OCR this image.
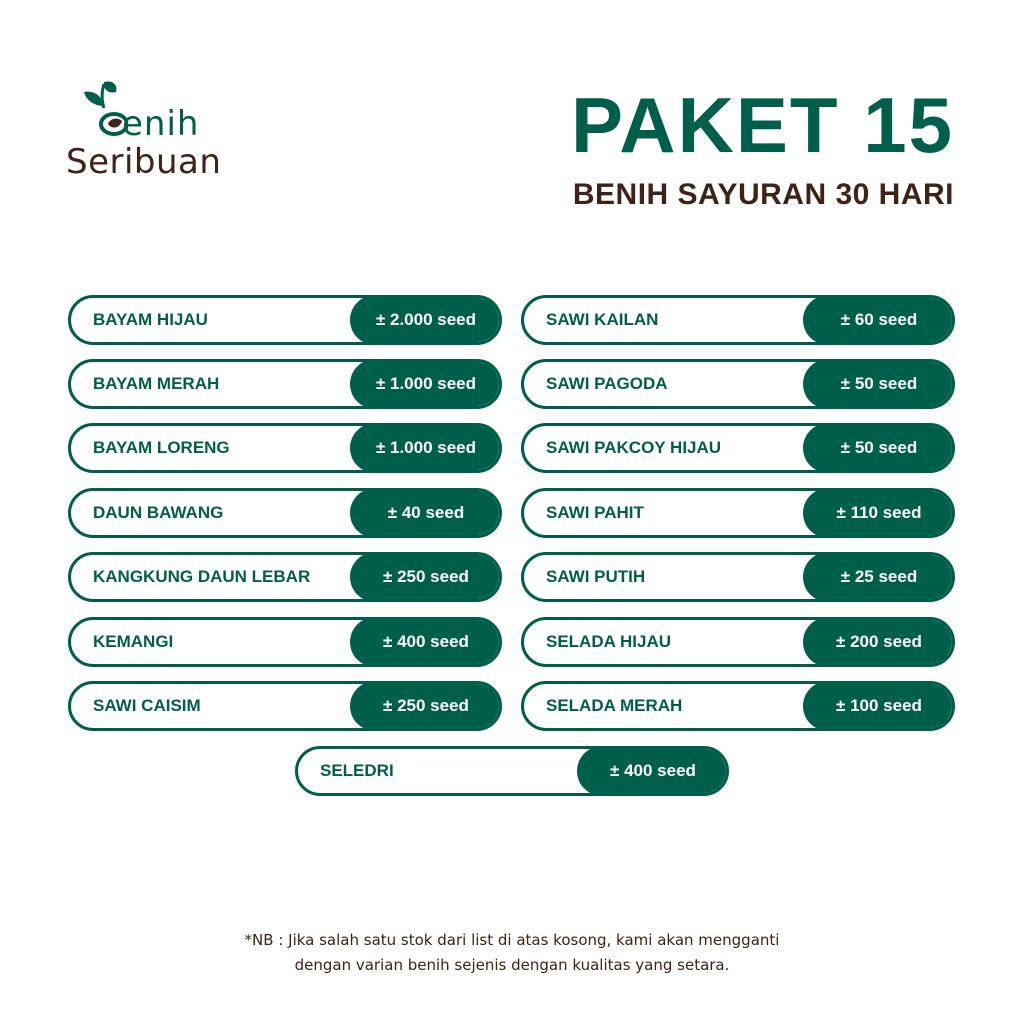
enih
Seribuan	PAKET 15
BENIH SAYURAN 30 HARI
BAYAM HIJAU	± 2.000 seed
BAYAM MERAH	± 1.000 seed
BAYAM LORENG	± 1.000 seed
DAUN BAWANG	± 40 seed
KANGKUNG DAUN LEBAR	± 250 seed
KEMANGI	± 400 seed
SAWI CAISIM	± 250 seed
SAWI KAILAN	± 60 seed
SAWI PAGODA	± 50 seed
SAWI PAKCOY HIJAU	± 50 seed
SAWI PAHIT	± 110 seed
SAWI PUTIH	± 25 seed
SELADA HIJAU	± 200 seed
SELADA MERAH	± 100 seed
SELEDRI	± 400 seed
*NB : Jika salah satu stok dari list di atas kosong, kami akan mengganti
dengan varian benih sejenis dengan kualitas yang setara.
